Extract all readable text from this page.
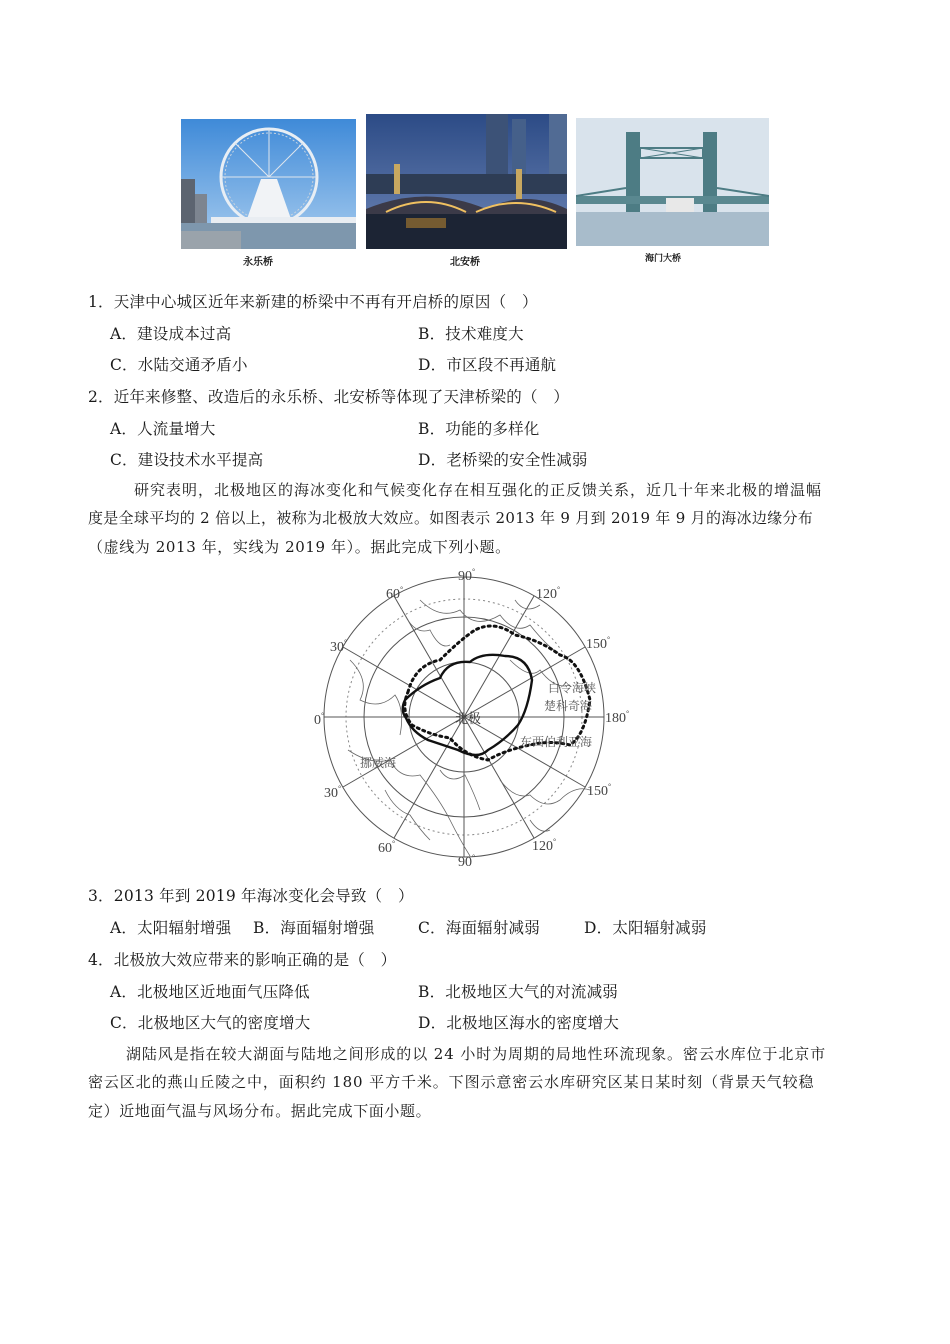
永乐桥	北安桥	海门大桥
1．天津中心城区近年来新建的桥梁中不再有开启桥的原因（　）
A．建设成本过高	B．技术难度大
C．水陆交通矛盾小	D．市区段不再通航
2．近年来修整、改造后的永乐桥、北安桥等体现了天津桥梁的（　）
A．人流量增大	B．功能的多样化
C．建设技术水平提高	D．老桥梁的安全性减弱
研究表明，北极地区的海冰变化和气候变化存在相互强化的正反馈关系，近几十年来北极的增温幅
度是全球平均的 2 倍以上，被称为北极放大效应。如图表示 2013 年 9 月到 2019 年 9 月的海冰边缘分布
（虚线为 2013 年，实线为 2019 年）。据此完成下列小题。
北极
白令海峡
楚科奇海
东西伯利亚海
挪威海
90°
60°	120°
30°	150°
0°	180°
30°	150°
60°
90°
120°
3．2013 年到 2019 年海冰变化会导致（　）
A．太阳辐射增强 B．海面辐射增强	C．海面辐射减弱	D．太阳辐射减弱
4．北极放大效应带来的影响正确的是（　）
A．北极地区近地面气压降低	B．北极地区大气的对流减弱
C．北极地区大气的密度增大	D．北极地区海水的密度增大
湖陆风是指在较大湖面与陆地之间形成的以 24 小时为周期的局地性环流现象。密云水库位于北京市
密云区北的燕山丘陵之中，面积约 180 平方千米。下图示意密云水库研究区某日某时刻（背景天气较稳
定）近地面气温与风场分布。据此完成下面小题。
